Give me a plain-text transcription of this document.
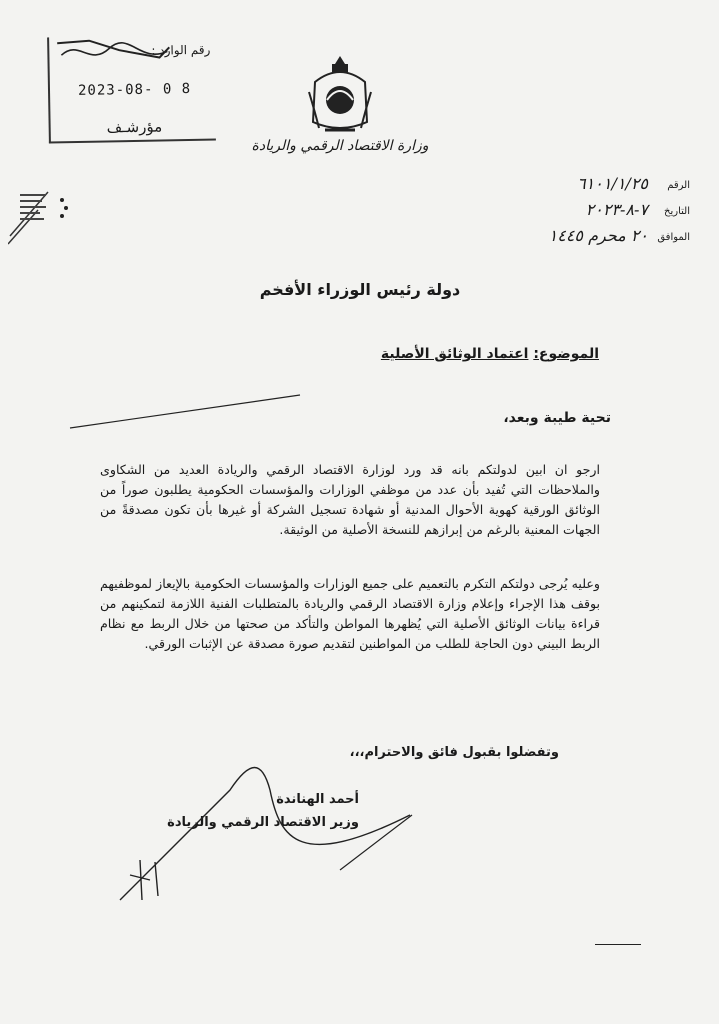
رقم الوارد :
2023-08- 0 8
مؤرشـف
وزارة الاقتصاد الرقمي والريادة
الرقم
٦١٠١/١/٢٥
التاريخ
٧-٨-٢٠٢٣
الموافق
٢٠ محرم ١٤٤٥
دولة رئيس الوزراء الأفخم
الموضوع: اعتماد الوثائق الأصلية
تحية طيبة وبعد،
ارجو ان ابين لدولتكم بانه قد ورد لوزارة الاقتصاد الرقمي والريادة العديد من الشكاوى والملاحظات التي تُفيد بأن عدد من موظفي الوزارات والمؤسسات الحكومية يطلبون صوراً من الوثائق الورقية كهوية الأحوال المدنية أو شهادة تسجيل الشركة أو غيرها بأن تكون مصدقةً من الجهات المعنية بالرغم من إبرازهم للنسخة الأصلية من الوثيقة.
وعليه يُرجى دولتكم التكرم بالتعميم على جميع الوزارات والمؤسسات الحكومية بالإيعاز لموظفيهم بوقف هذا الإجراء وإعلام وزارة الاقتصاد الرقمي والريادة بالمتطلبات الفنية اللازمة لتمكينهم من قراءة بيانات الوثائق الأصلية التي يُظهرها المواطن والتأكد من صحتها من خلال الربط مع نظام الربط البيني دون الحاجة للطلب من المواطنين لتقديم صورة مصدقة عن الإثبات الورقي.
وتفضلوا بقبول فائق والاحترام،،،
أحمد الهناندة
وزير الاقتصاد الرقمي والريادة
